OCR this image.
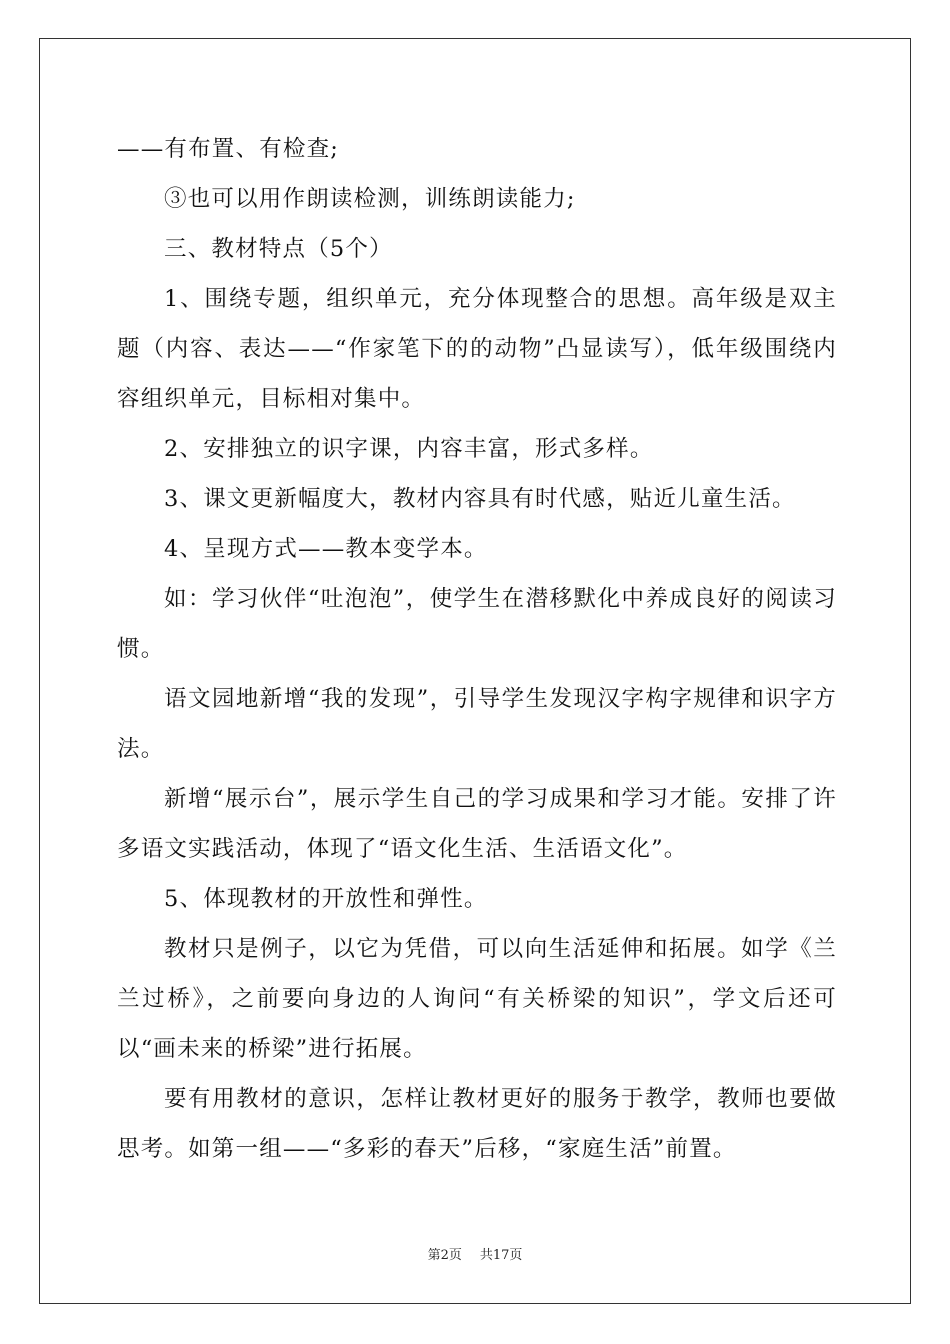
——有布置、有检查;

③也可以用作朗读检测，训练朗读能力;

三、教材特点（5个）

1、围绕专题，组织单元，充分体现整合的思想。高年级是双主题（内容、表达——“作家笔下的的动物”凸显读写），低年级围绕内容组织单元，目标相对集中。

2、安排独立的识字课，内容丰富，形式多样。

3、课文更新幅度大，教材内容具有时代感，贴近儿童生活。

4、呈现方式——教本变学本。

如：学习伙伴“吐泡泡”，使学生在潜移默化中养成良好的阅读习惯。

语文园地新增“我的发现”，引导学生发现汉字构字规律和识字方法。

新增“展示台”，展示学生自己的学习成果和学习才能。安排了许多语文实践活动，体现了“语文化生活、生活语文化”。

5、体现教材的开放性和弹性。

教材只是例子，以它为凭借，可以向生活延伸和拓展。如学《兰兰过桥》，之前要向身边的人询问“有关桥梁的知识”，学文后还可以“画未来的桥梁”进行拓展。

要有用教材的意识，怎样让教材更好的服务于教学，教师也要做思考。如第一组——“多彩的春天”后移，“家庭生活”前置。

第2页 共17页
